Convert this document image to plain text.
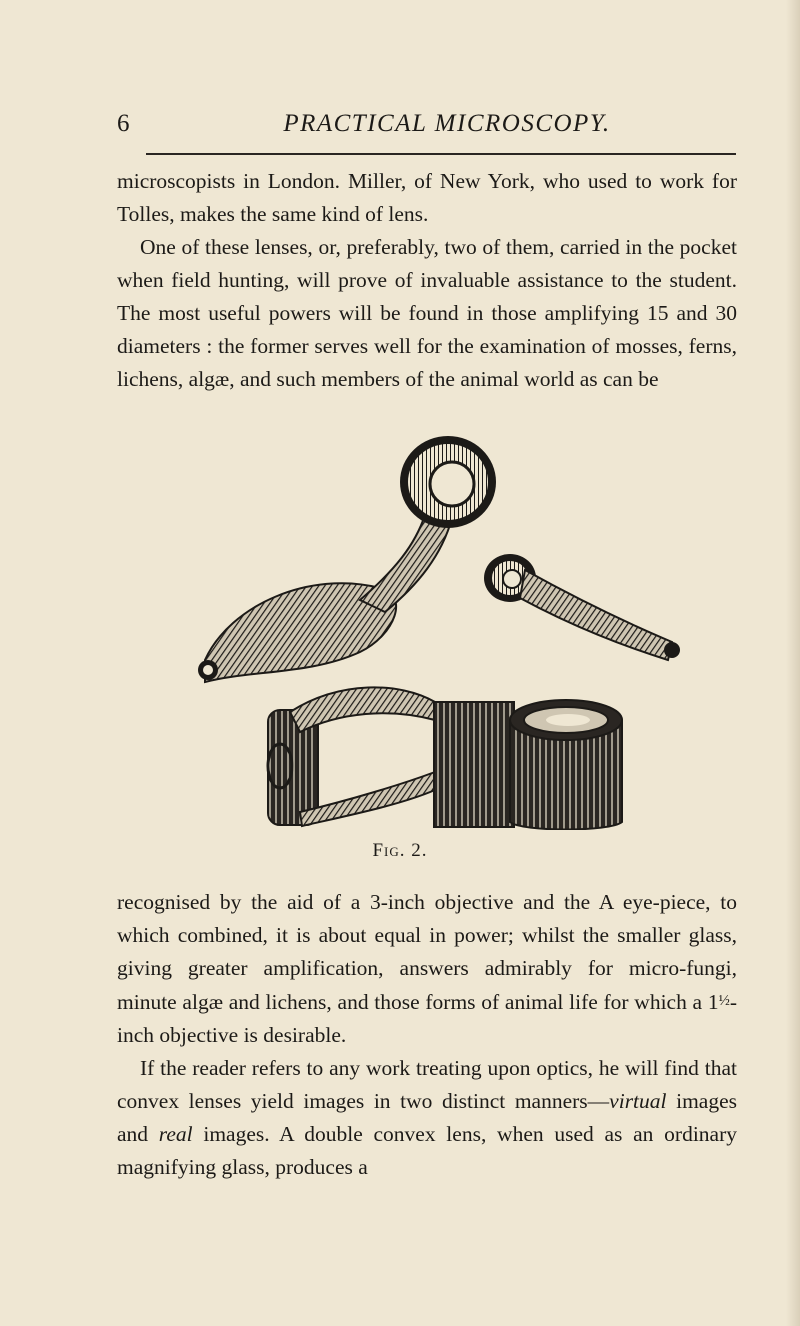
6	PRACTICAL MICROSCOPY.

microscopists in London. Miller, of New York, who used to work for Tolles, makes the same kind of lens.

One of these lenses, or, preferably, two of them, carried in the pocket when field hunting, will prove of invaluable assistance to the student. The most useful powers will be found in those amplifying 15 and 30 diameters : the former serves well for the examination of mosses, ferns, lichens, algæ, and such members of the animal world as can be

Fig. 2.

recognised by the aid of a 3-inch objective and the A eye-piece, to which combined, it is about equal in power; whilst the smaller glass, giving greater amplification, answers admirably for micro-fungi, minute algæ and lichens, and those forms of animal life for which a 1½-inch objective is desirable.

If the reader refers to any work treating upon optics, he will find that convex lenses yield images in two distinct manners—virtual images and real images. A double convex lens, when used as an ordinary magnifying glass, produces a
